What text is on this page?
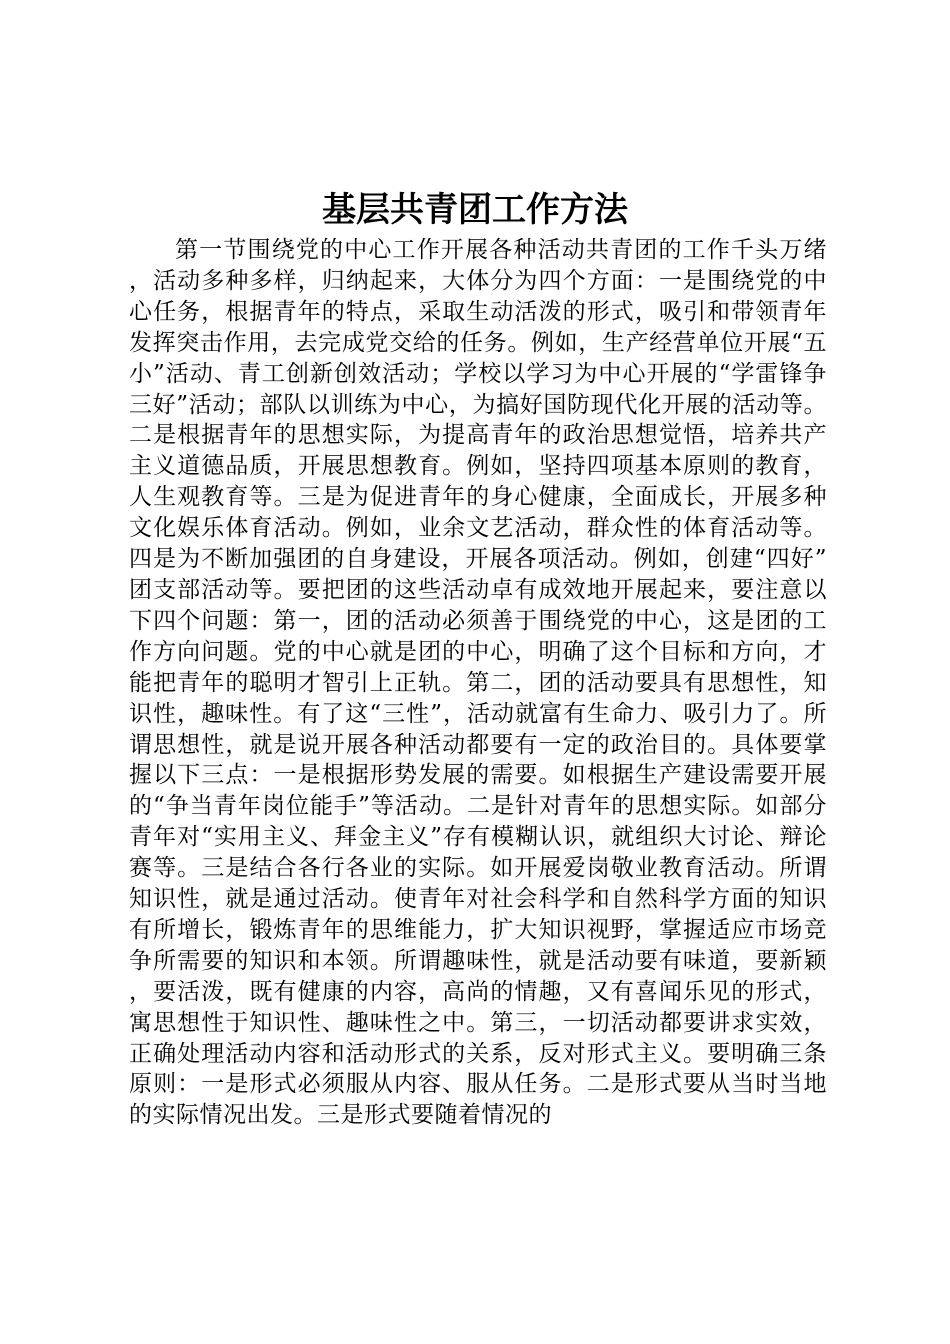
基层共青团工作方法

第一节围绕党的中心工作开展各种活动共青团的工作千头万绪，活动多种多样，归纳起来，大体分为四个方面：一是围绕党的中心任务，根据青年的特点，采取生动活泼的形式，吸引和带领青年发挥突击作用，去完成党交给的任务。例如，生产经营单位开展“五小”活动、青工创新创效活动；学校以学习为中心开展的“学雷锋争三好”活动；部队以训练为中心，为搞好国防现代化开展的活动等。二是根据青年的思想实际，为提高青年的政治思想觉悟，培养共产主义道德品质，开展思想教育。例如，坚持四项基本原则的教育，人生观教育等。三是为促进青年的身心健康，全面成长，开展多种文化娱乐体育活动。例如，业余文艺活动，群众性的体育活动等。四是为不断加强团的自身建设，开展各项活动。例如，创建“四好”团支部活动等。要把团的这些活动卓有成效地开展起来，要注意以下四个问题：第一，团的活动必须善于围绕党的中心，这是团的工作方向问题。党的中心就是团的中心，明确了这个目标和方向，才能把青年的聪明才智引上正轨。第二，团的活动要具有思想性，知识性，趣味性。有了这“三性”，活动就富有生命力、吸引力了。所谓思想性，就是说开展各种活动都要有一定的政治目的。具体要掌握以下三点：一是根据形势发展的需要。如根据生产建设需要开展的“争当青年岗位能手”等活动。二是针对青年的思想实际。如部分青年对“实用主义、拜金主义”存有模糊认识，就组织大讨论、辩论赛等。三是结合各行各业的实际。如开展爱岗敬业教育活动。所谓知识性，就是通过活动。使青年对社会科学和自然科学方面的知识有所增长，锻炼青年的思维能力，扩大知识视野，掌握适应市场竞争所需要的知识和本领。所谓趣味性，就是活动要有味道，要新颖，要活泼，既有健康的内容，高尚的情趣，又有喜闻乐见的形式，寓思想性于知识性、趣味性之中。第三，一切活动都要讲求实效，正确处理活动内容和活动形式的关系，反对形式主义。要明确三条原则：一是形式必须服从内容、服从任务。二是形式要从当时当地的实际情况出发。三是形式要随着情况的
